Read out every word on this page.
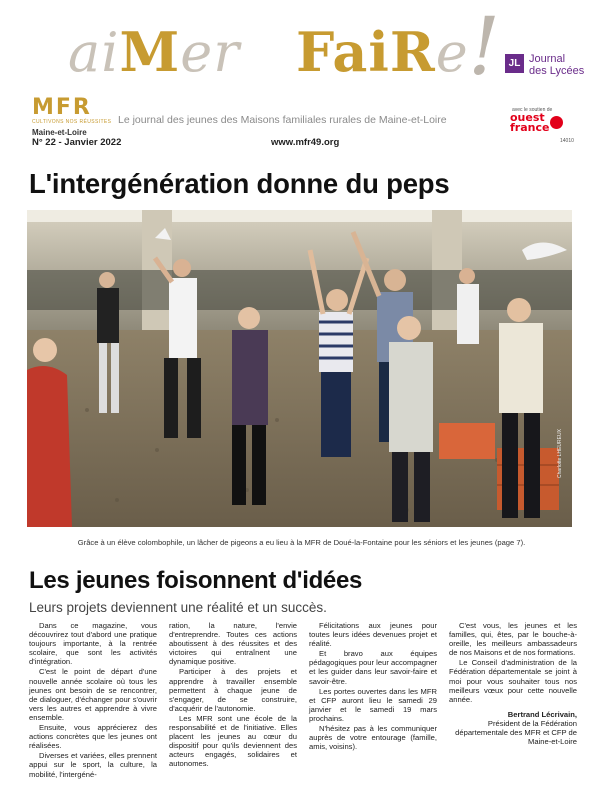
aiMer FaiRe ! JL Journal
des Lycées
MFR
CULTIVONS NOS RÉUSSITES
Maine-et-Loire
Le journal des jeunes des Maisons familiales rurales de Maine-et-Loire
N° 22 - Janvier 2022	www.mfr49.org
avec le soutien de
ouest
france
14010
L'intergénération donne du peps
Charlotte LHEUREUX
Grâce à un élève colombophile, un lâcher de pigeons a eu lieu à la MFR de Doué-la-Fontaine pour les séniors et les jeunes (page 7).
Les jeunes foisonnent d'idées
Leurs projets deviennent une réalité et un succès.

Dans ce magazine, vous découvrirez tout d'abord une pratique toujours importante, à la rentrée scolaire, que sont les activités d'intégration.

C'est le point de départ d'une nouvelle année scolaire où tous les jeunes ont besoin de se rencontrer, de dialoguer, d'échanger pour s'ouvrir vers les autres et apprendre à vivre ensemble.

Ensuite, vous apprécierez des actions concrètes que les jeunes ont réalisées.

Diverses et variées, elles prennent appui sur le sport, la culture, la mobilité, l'intergéné-

ration, la nature, l'envie d'entreprendre. Toutes ces actions aboutissent à des réussites et des victoires qui entraînent une dynamique positive.

Participer à des projets et apprendre à travailler ensemble permettent à chaque jeune de s'engager, de se construire, d'acquérir de l'autonomie.

Les MFR sont une école de la responsabilité et de l'initiative. Elles placent les jeunes au cœur du dispositif pour qu'ils deviennent des acteurs engagés, solidaires et autonomes.

Félicitations aux jeunes pour toutes leurs idées devenues projet et réalité.

Et bravo aux équipes pédagogiques pour leur accompagner et les guider dans leur savoir-faire et savoir-être.

Les portes ouvertes dans les MFR et CFP auront lieu le samedi 29 janvier et le samedi 19 mars prochains.

N'hésitez pas à les communiquer auprès de votre entourage (famille, amis, voisins).

C'est vous, les jeunes et les familles, qui, êtes, par le bouche-à-oreille, les meilleurs ambassadeurs de nos Maisons et de nos formations.

Le Conseil d'administration de la Fédération départementale se joint à moi pour vous souhaiter tous nos meilleurs vœux pour cette nouvelle année.

Bertrand Lécrivain,
Président de la Fédération départementale des MFR et CFP de Maine-et-Loire
